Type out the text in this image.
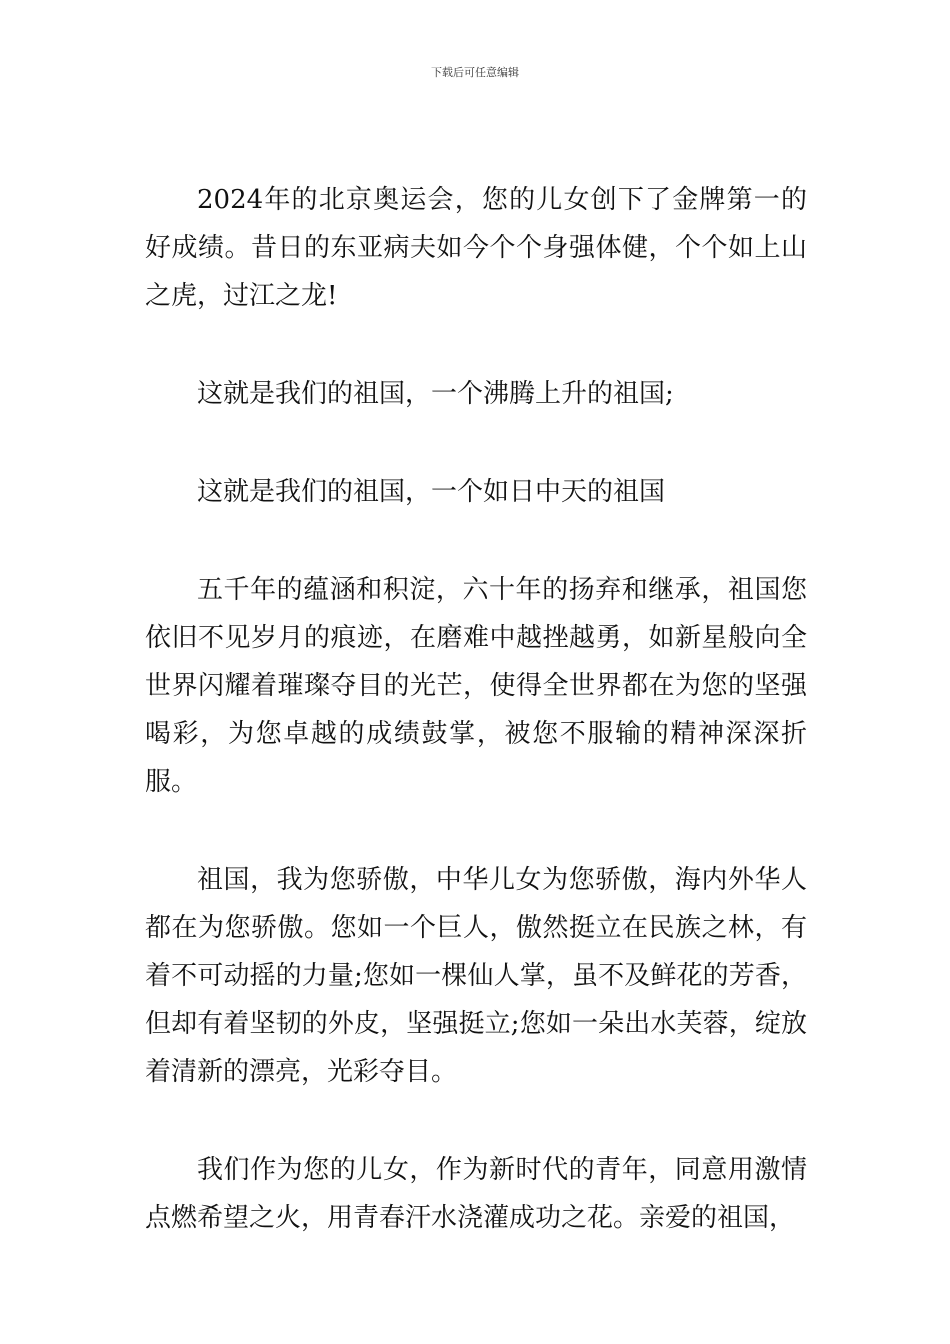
下载后可任意编辑

2024年的北京奥运会，您的儿女创下了金牌第一的好成绩。昔日的东亚病夫如今个个身强体健，个个如上山之虎，过江之龙!

这就是我们的祖国，一个沸腾上升的祖国;

这就是我们的祖国，一个如日中天的祖国

五千年的蕴涵和积淀，六十年的扬弃和继承，祖国您依旧不见岁月的痕迹，在磨难中越挫越勇，如新星般向全世界闪耀着璀璨夺目的光芒，使得全世界都在为您的坚强喝彩，为您卓越的成绩鼓掌，被您不服输的精神深深折服。

祖国，我为您骄傲，中华儿女为您骄傲，海内外华人都在为您骄傲。您如一个巨人，傲然挺立在民族之林，有着不可动摇的力量;您如一棵仙人掌，虽不及鲜花的芳香，但却有着坚韧的外皮，坚强挺立;您如一朵出水芙蓉，绽放着清新的漂亮，光彩夺目。

我们作为您的儿女，作为新时代的青年，同意用激情点燃希望之火，用青春汗水浇灌成功之花。亲爱的祖国，
